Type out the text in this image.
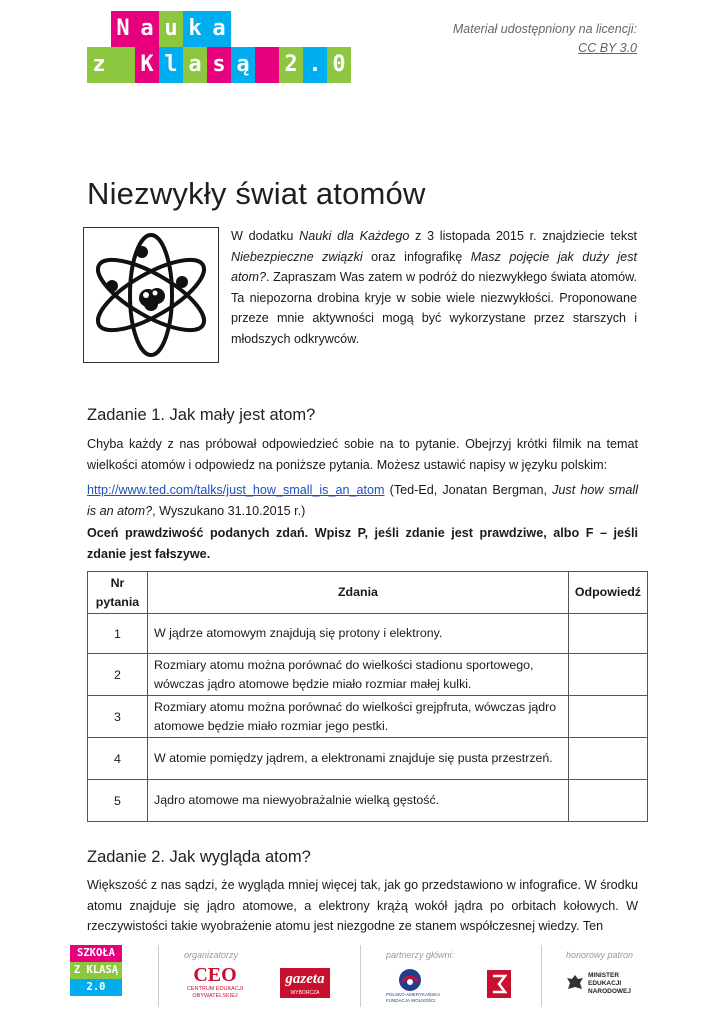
N a u k a
z K l a s ą 2 . 0
Materiał udostępniony na licencji:
CC BY 3.0
Niezwykły świat atomów

W dodatku Nauki dla Każdego z 3 listopada 2015 r. znajdziecie tekst Niebezpieczne związki oraz infografikę Masz pojęcie jak duży jest atom?. Zapraszam Was zatem w podróż do niezwykłego świata atomów. Ta niepozorna drobina kryje w sobie wiele niezwykłości. Proponowane przeze mnie aktywności mogą być wykorzystane przez starszych i młodszych odkrywców.

Zadanie 1. Jak mały jest atom?

Chyba każdy z nas próbował odpowiedzieć sobie na to pytanie. Obejrzyj krótki filmik na temat wielkości atomów i odpowiedz na poniższe pytania. Możesz ustawić napisy w języku polskim:

http://www.ted.com/talks/just_how_small_is_an_atom (Ted-Ed, Jonatan Bergman, Just how small is an atom?, Wyszukano 31.10.2015 r.)

Oceń prawdziwość podanych zdań. Wpisz P, jeśli zdanie jest prawdziwe, albo F – jeśli zdanie jest fałszywe.

Nr pytania	Zdania	Odpowiedź
1	W jądrze atomowym znajdują się protony i elektrony.	
2	Rozmiary atomu można porównać do wielkości stadionu sportowego, wówczas jądro atomowe będzie miało rozmiar małej kulki.	
3	Rozmiary atomu można porównać do wielkości grejpfruta, wówczas jądro atomowe będzie miało rozmiar jego pestki.	
4	W atomie pomiędzy jądrem, a elektronami znajduje się pusta przestrzeń.	
5	Jądro atomowe ma niewyobrażalnie wielką gęstość.	
Zadanie 2. Jak wygląda atom?

Większość z nas sądzi, że wygląda mniej więcej tak, jak go przedstawiono w infografice. W środku atomu znajduje się jądro atomowe, a elektrony krążą wokół jądra po orbitach kołowych. W rzeczywistości takie wyobrażenie atomu jest niezgodne ze stanem współczesnej wiedzy. Ten

SZKOŁA
Z KLASĄ
2.0
organizatorzy
CEO
CENTRUM EDUKACJI OBYWATELSKIEJ
gazeta
WYBORCZA
partnerzy główni:
POLSKO-AMERYKAŃSKA FUNDACJA WOLNOŚCI
honorowy patron
MINISTER EDUKACJI NARODOWEJ
